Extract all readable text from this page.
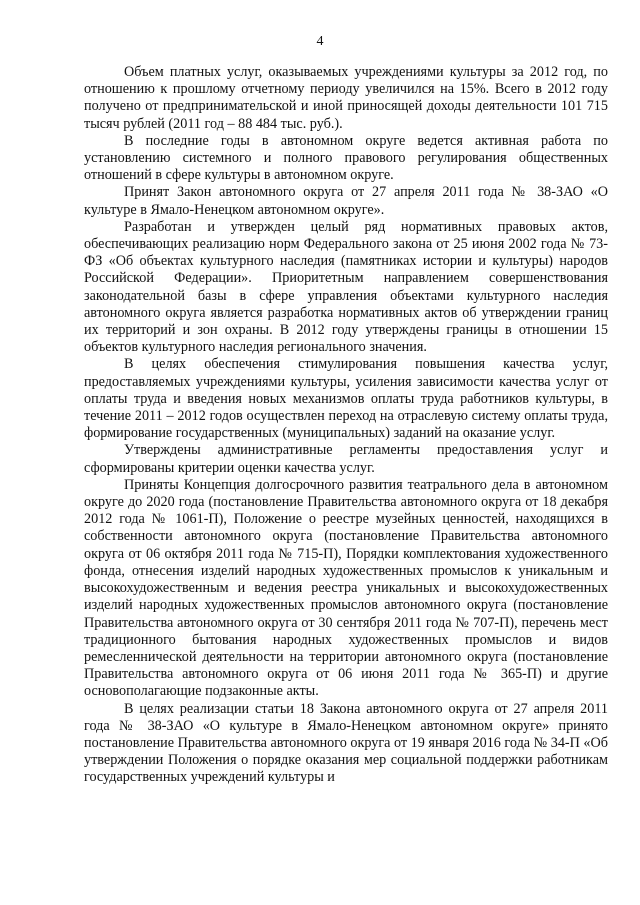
4

Объем платных услуг, оказываемых учреждениями культуры за 2012 год, по отношению к прошлому отчетному периоду увеличился на 15%. Всего в 2012 году получено от предпринимательской и иной приносящей доходы деятельности 101 715 тысяч рублей (2011 год – 88 484 тыс. руб.).

В последние годы в автономном округе ведется активная работа по установлению системного и полного правового регулирования общественных отношений в сфере культуры в автономном округе.

Принят Закон автономного округа от 27 апреля 2011 года № 38-ЗАО «О культуре в Ямало-Ненецком автономном округе».

Разработан и утвержден целый ряд нормативных правовых актов, обеспечивающих реализацию норм Федерального закона от 25 июня 2002 года № 73-ФЗ «Об объектах культурного наследия (памятниках истории и культуры) народов Российской Федерации». Приоритетным направлением совершенствования законодательной базы в сфере управления объектами культурного наследия автономного округа является разработка нормативных актов об утверждении границ их территорий и зон охраны. В 2012 году утверждены границы в отношении 15 объектов культурного наследия регионального значения.

В целях обеспечения стимулирования повышения качества услуг, предоставляемых учреждениями культуры, усиления зависимости качества услуг от оплаты труда и введения новых механизмов оплаты труда работников культуры, в течение 2011 – 2012 годов осуществлен переход на отраслевую систему оплаты труда, формирование государственных (муниципальных) заданий на оказание услуг.

Утверждены административные регламенты предоставления услуг и сформированы критерии оценки качества услуг.

Приняты Концепция долгосрочного развития театрального дела в автономном округе до 2020 года (постановление Правительства автономного округа от 18 декабря 2012 года № 1061-П), Положение о реестре музейных ценностей, находящихся в собственности автономного округа (постановление Правительства автономного округа от 06 октября 2011 года № 715-П), Порядки комплектования художественного фонда, отнесения изделий народных художественных промыслов к уникальным и высокохудожественным и ведения реестра уникальных и высокохудожественных изделий народных художественных промыслов автономного округа (постановление Правительства автономного округа от 30 сентября 2011 года № 707-П), перечень мест традиционного бытования народных художественных промыслов и видов ремесленнической деятельности на территории автономного округа (постановление Правительства автономного округа от 06 июня 2011 года № 365-П) и другие основополагающие подзаконные акты.

В целях реализации статьи 18 Закона автономного округа от 27 апреля 2011 года № 38-ЗАО «О культуре в Ямало-Ненецком автономном округе» принято постановление Правительства автономного округа от 19 января 2016 года № 34-П «Об утверждении Положения о порядке оказания мер социальной поддержки работникам государственных учреждений культуры и
